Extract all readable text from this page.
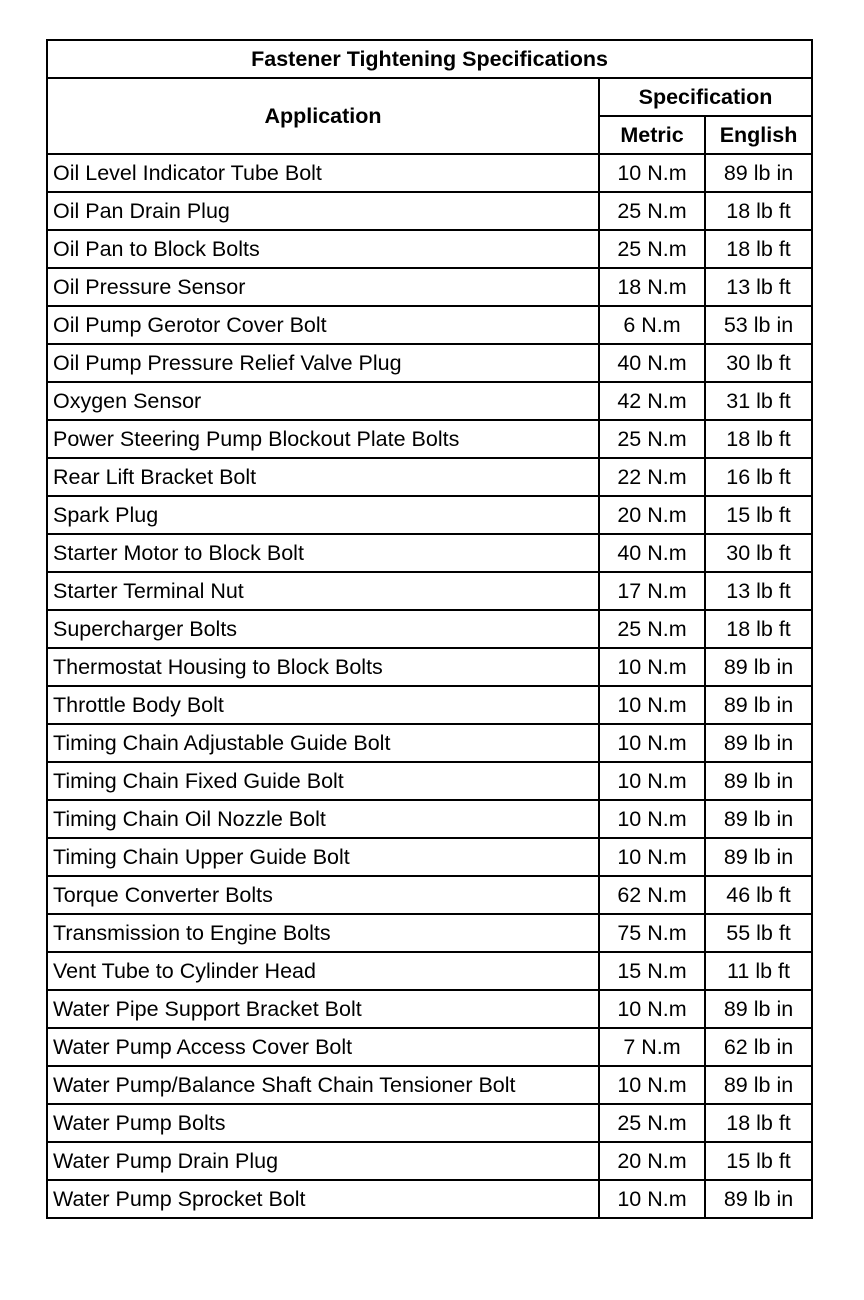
Fastener Tightening Specifications		
Application	Specification	
	Metric	English
Oil Level Indicator Tube Bolt	10 N.m	89 lb in
Oil Pan Drain Plug	25 N.m	18 lb ft
Oil Pan to Block Bolts	25 N.m	18 lb ft
Oil Pressure Sensor	18 N.m	13 lb ft
Oil Pump Gerotor Cover Bolt	6 N.m	53 lb in
Oil Pump Pressure Relief Valve Plug	40 N.m	30 lb ft
Oxygen Sensor	42 N.m	31 lb ft
Power Steering Pump Blockout Plate Bolts	25 N.m	18 lb ft
Rear Lift Bracket Bolt	22 N.m	16 lb ft
Spark Plug	20 N.m	15 lb ft
Starter Motor to Block Bolt	40 N.m	30 lb ft
Starter Terminal Nut	17 N.m	13 lb ft
Supercharger Bolts	25 N.m	18 lb ft
Thermostat Housing to Block Bolts	10 N.m	89 lb in
Throttle Body Bolt	10 N.m	89 lb in
Timing Chain Adjustable Guide Bolt	10 N.m	89 lb in
Timing Chain Fixed Guide Bolt	10 N.m	89 lb in
Timing Chain Oil Nozzle Bolt	10 N.m	89 lb in
Timing Chain Upper Guide Bolt	10 N.m	89 lb in
Torque Converter Bolts	62 N.m	46 lb ft
Transmission to Engine Bolts	75 N.m	55 lb ft
Vent Tube to Cylinder Head	15 N.m	11 lb ft
Water Pipe Support Bracket Bolt	10 N.m	89 lb in
Water Pump Access Cover Bolt	7 N.m	62 lb in
Water Pump/Balance Shaft Chain Tensioner Bolt	10 N.m	89 lb in
Water Pump Bolts	25 N.m	18 lb ft
Water Pump Drain Plug	20 N.m	15 lb ft
Water Pump Sprocket Bolt	10 N.m	89 lb in
